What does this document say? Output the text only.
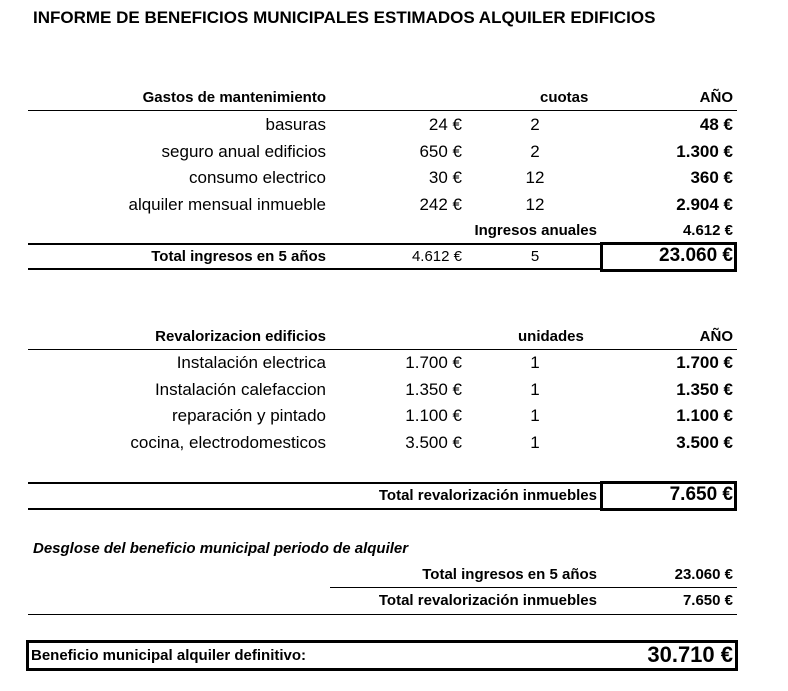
INFORME DE BENEFICIOS MUNICIPALES ESTIMADOS ALQUILER EDIFICIOS
Gastos de mantenimiento	cuotas	AÑO
basuras	24 €	2	48 €
seguro anual edificios	650 €	2	1.300 €
consumo electrico	30 €	12	360 €
alquiler mensual inmueble	242 €	12	2.904 €
Ingresos anuales	4.612 €
Total ingresos en 5 años	4.612 €	5	23.060 €
Revalorizacion edificios	unidades	AÑO
Instalación electrica	1.700 €	1	1.700 €
Instalación calefaccion	1.350 €	1	1.350 €
reparación y pintado	1.100 €	1	1.100 €
cocina, electrodomesticos	3.500 €	1	3.500 €
Total revalorización inmuebles	7.650 €
Desglose del beneficio municipal periodo de alquiler
Total ingresos en 5 años	23.060 €
Total revalorización inmuebles	7.650 €
Beneficio municipal alquiler definitivo:	30.710 €
